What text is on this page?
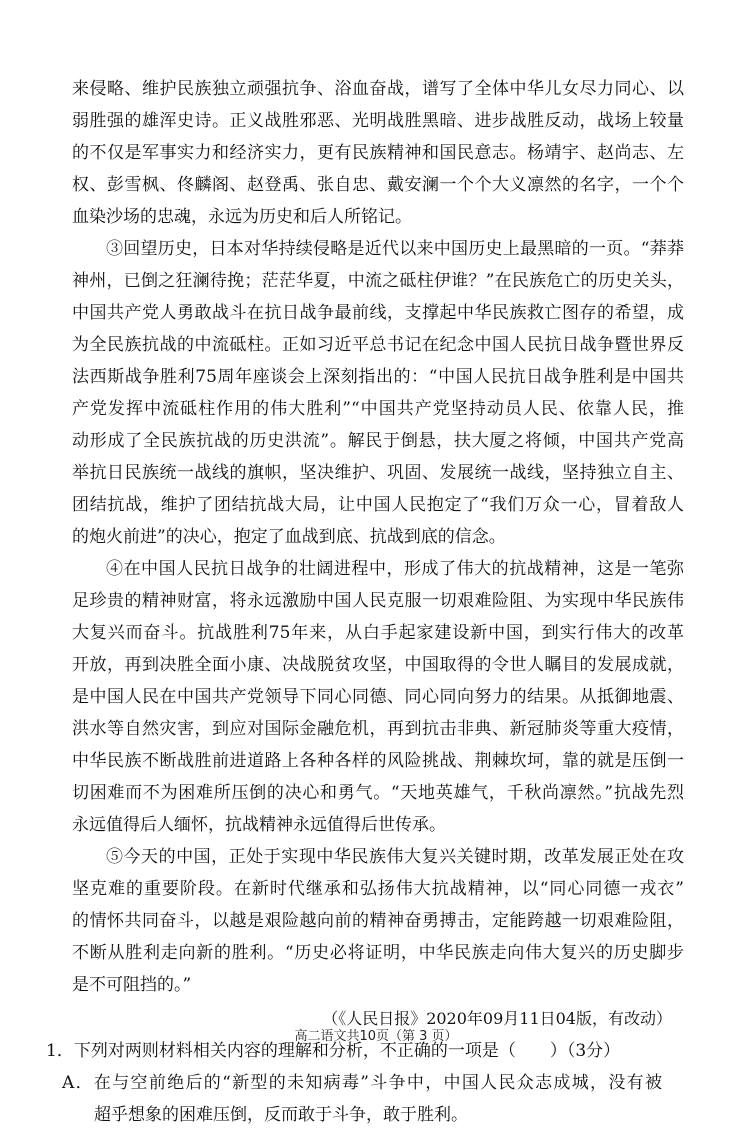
来侵略、维护民族独立顽强抗争、浴血奋战，谱写了全体中华儿女尽力同心、以
弱胜强的雄浑史诗。正义战胜邪恶、光明战胜黑暗、进步战胜反动，战场上较量
的不仅是军事实力和经济实力，更有民族精神和国民意志。杨靖宇、赵尚志、左
权、彭雪枫、佟麟阁、赵登禹、张自忠、戴安澜一个个大义凛然的名字，一个个
血染沙场的忠魂，永远为历史和后人所铭记。
③回望历史，日本对华持续侵略是近代以来中国历史上最黑暗的一页。“莽莽
神州，已倒之狂澜待挽；茫茫华夏，中流之砥柱伊谁？”在民族危亡的历史关头，
中国共产党人勇敢战斗在抗日战争最前线，支撑起中华民族救亡图存的希望，成
为全民族抗战的中流砥柱。正如习近平总书记在纪念中国人民抗日战争暨世界反
法西斯战争胜利75周年座谈会上深刻指出的：“中国人民抗日战争胜利是中国共
产党发挥中流砥柱作用的伟大胜利”“中国共产党坚持动员人民、依靠人民，推
动形成了全民族抗战的历史洪流”。解民于倒悬，扶大厦之将倾，中国共产党高
举抗日民族统一战线的旗帜，坚决维护、巩固、发展统一战线，坚持独立自主、
团结抗战，维护了团结抗战大局，让中国人民抱定了“我们万众一心，冒着敌人
的炮火前进”的决心，抱定了血战到底、抗战到底的信念。
④在中国人民抗日战争的壮阔进程中，形成了伟大的抗战精神，这是一笔弥
足珍贵的精神财富，将永远激励中国人民克服一切艰难险阻、为实现中华民族伟
大复兴而奋斗。抗战胜利75年来，从白手起家建设新中国，到实行伟大的改革
开放，再到决胜全面小康、决战脱贫攻坚，中国取得的令世人瞩目的发展成就，
是中国人民在中国共产党领导下同心同德、同心同向努力的结果。从抵御地震、
洪水等自然灾害，到应对国际金融危机，再到抗击非典、新冠肺炎等重大疫情，
中华民族不断战胜前进道路上各种各样的风险挑战、荆棘坎坷，靠的就是压倒一
切困难而不为困难所压倒的决心和勇气。“天地英雄气，千秋尚凛然。”抗战先烈
永远值得后人缅怀，抗战精神永远值得后世传承。
⑤今天的中国，正处于实现中华民族伟大复兴关键时期，改革发展正处在攻
坚克难的重要阶段。在新时代继承和弘扬伟大抗战精神，以“同心同德一戎衣”
的情怀共同奋斗，以越是艰险越向前的精神奋勇搏击，定能跨越一切艰难险阻，
不断从胜利走向新的胜利。“历史必将证明，中华民族走向伟大复兴的历史脚步
是不可阻挡的。”
（《人民日报》2020年09月11日04版，有改动）
1．下列对两则材料相关内容的理解和分析，不正确的一项是（　　）（3分）
A．在与空前绝后的“新型的未知病毒”斗争中，中国人民众志成城，没有被
超乎想象的困难压倒，反而敢于斗争，敢于胜利。
高二语文共10页（第 3 页）
